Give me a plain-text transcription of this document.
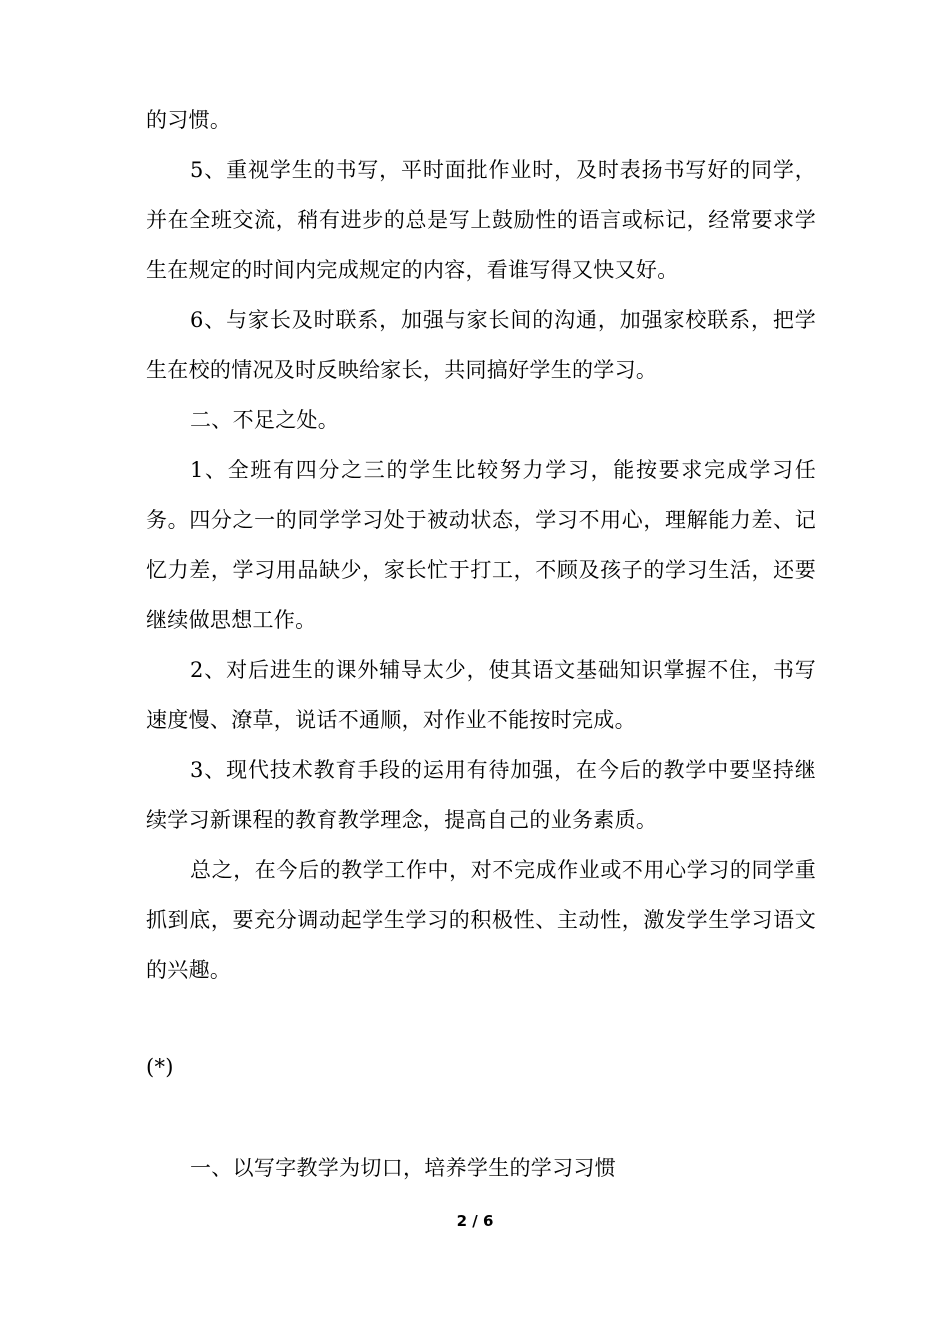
的习惯。

5、重视学生的书写，平时面批作业时，及时表扬书写好的同学，并在全班交流，稍有进步的总是写上鼓励性的语言或标记，经常要求学生在规定的时间内完成规定的内容，看谁写得又快又好。

6、与家长及时联系，加强与家长间的沟通，加强家校联系，把学生在校的情况及时反映给家长，共同搞好学生的学习。

二、不足之处。

1、全班有四分之三的学生比较努力学习，能按要求完成学习任务。四分之一的同学学习处于被动状态，学习不用心，理解能力差、记忆力差，学习用品缺少，家长忙于打工，不顾及孩子的学习生活，还要继续做思想工作。

2、对后进生的课外辅导太少，使其语文基础知识掌握不住，书写速度慢、潦草，说话不通顺，对作业不能按时完成。

3、现代技术教育手段的运用有待加强，在今后的教学中要坚持继续学习新课程的教育教学理念，提高自己的业务素质。

总之，在今后的教学工作中，对不完成作业或不用心学习的同学重抓到底，要充分调动起学生学习的积极性、主动性，激发学生学习语文的兴趣。

(*)

一、以写字教学为切口，培养学生的学习习惯

2 / 6
